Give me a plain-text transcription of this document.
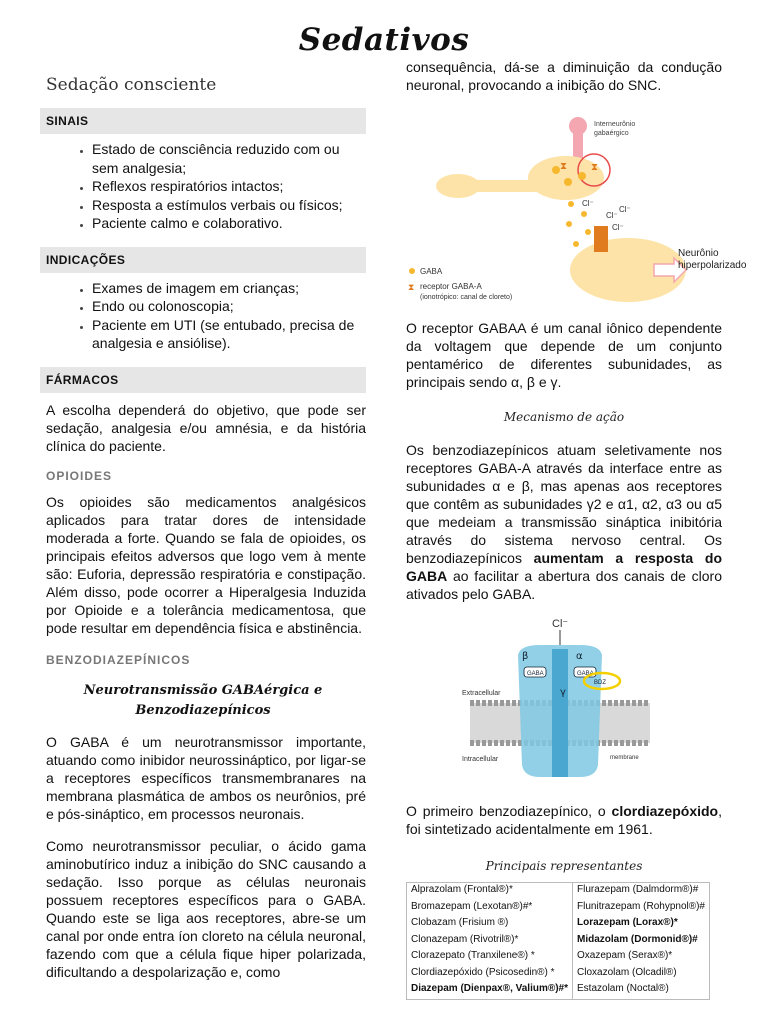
Sedativos
Sedação consciente
SINAIS
• Estado de consciência reduzido com ou sem analgesia;
• Reflexos respiratórios intactos;
• Resposta a estímulos verbais ou físicos;
• Paciente calmo e colaborativo.
INDICAÇÕES
• Exames de imagem em crianças;
• Endo ou colonoscopia;
• Paciente em UTI (se entubado, precisa de analgesia e ansiólise).
FÁRMACOS

A escolha dependerá do objetivo, que pode ser sedação, analgesia e/ou amnésia, e da história clínica do paciente.

OPIOIDES

Os opioides são medicamentos analgésicos aplicados para tratar dores de intensidade moderada a forte. Quando se fala de opioides, os principais efeitos adversos que logo vem à mente são: Euforia, depressão respiratória e constipação. Além disso, pode ocorrer a Hiperalgesia Induzida por Opioide e a tolerância medicamentosa, que pode resultar em dependência física e abstinência.

BENZODIAZEPÍNICOS
Neurotransmissão GABAérgica e
Benzodiazepínicos

O GABA é um neurotransmissor importante, atuando como inibidor neurossináptico, por ligar-se a receptores específicos transmembranares na membrana plasmática de ambos os neurônios, pré e pós-sináptico, em processos neuronais.

Como neurotransmissor peculiar, o ácido gama aminobutírico induz a inibição do SNC causando a sedação. Isso porque as células neuronais possuem receptores específicos para o GABA. Quando este se liga aos receptores, abre-se um canal por onde entra íon cloreto na célula neuronal, fazendo com que a célula fique hiper polarizada, dificultando a despolarização e, como

consequência, dá-se a diminuição da condução neuronal, provocando a inibição do SNC.

Interneurônio
gabaérgico
⧗ ⧗
Cl⁻
Cl⁻
Cl⁻
Cl⁻
Neurônio
hiperpolarizado
GABA
⧗ receptor GABA-A
(ionotrópico: canal de cloreto)

O receptor GABAA é um canal iônico dependente da voltagem que depende de um conjunto pentamérico de diferentes subunidades, as principais sendo α, β e γ.

Mecanismo de ação

Os benzodiazepínicos atuam seletivamente nos receptores GABA-A através da interface entre as subunidades α e β, mas apenas aos receptores que contêm as subunidades γ2 e α1, α2, α3 ou α5 que medeiam a transmissão sináptica inibitória através do sistema nervoso central. Os benzodiazepínicos aumentam a resposta do GABA ao facilitar a abertura dos canais de cloro ativados pelo GABA.

Cl⁻
β	α
γ
GABA	GABA
BDZ
Extracellular
Intracellular	membrane

O primeiro benzodiazepínico, o clordiazepóxido, foi sintetizado acidentalmente em 1961.

Principais representantes
Alprazolam (Frontal®)*	Flurazepam (Dalmdorm®)#
Bromazepam (Lexotan®)#*	Flunitrazepam (Rohypnol®)#
Clobazam (Frisium ®)	Lorazepam (Lorax®)*
Clonazepam (Rivotril®)*	Midazolam (Dormonid®)#
Clorazepato (Tranxilene®) *	Oxazepam (Serax®)*
Clordiazepóxido (Psicosedin®) *	Cloxazolam (Olcadil®)
Diazepam (Dienpax®, Valium®)#*	Estazolam (Noctal®)
